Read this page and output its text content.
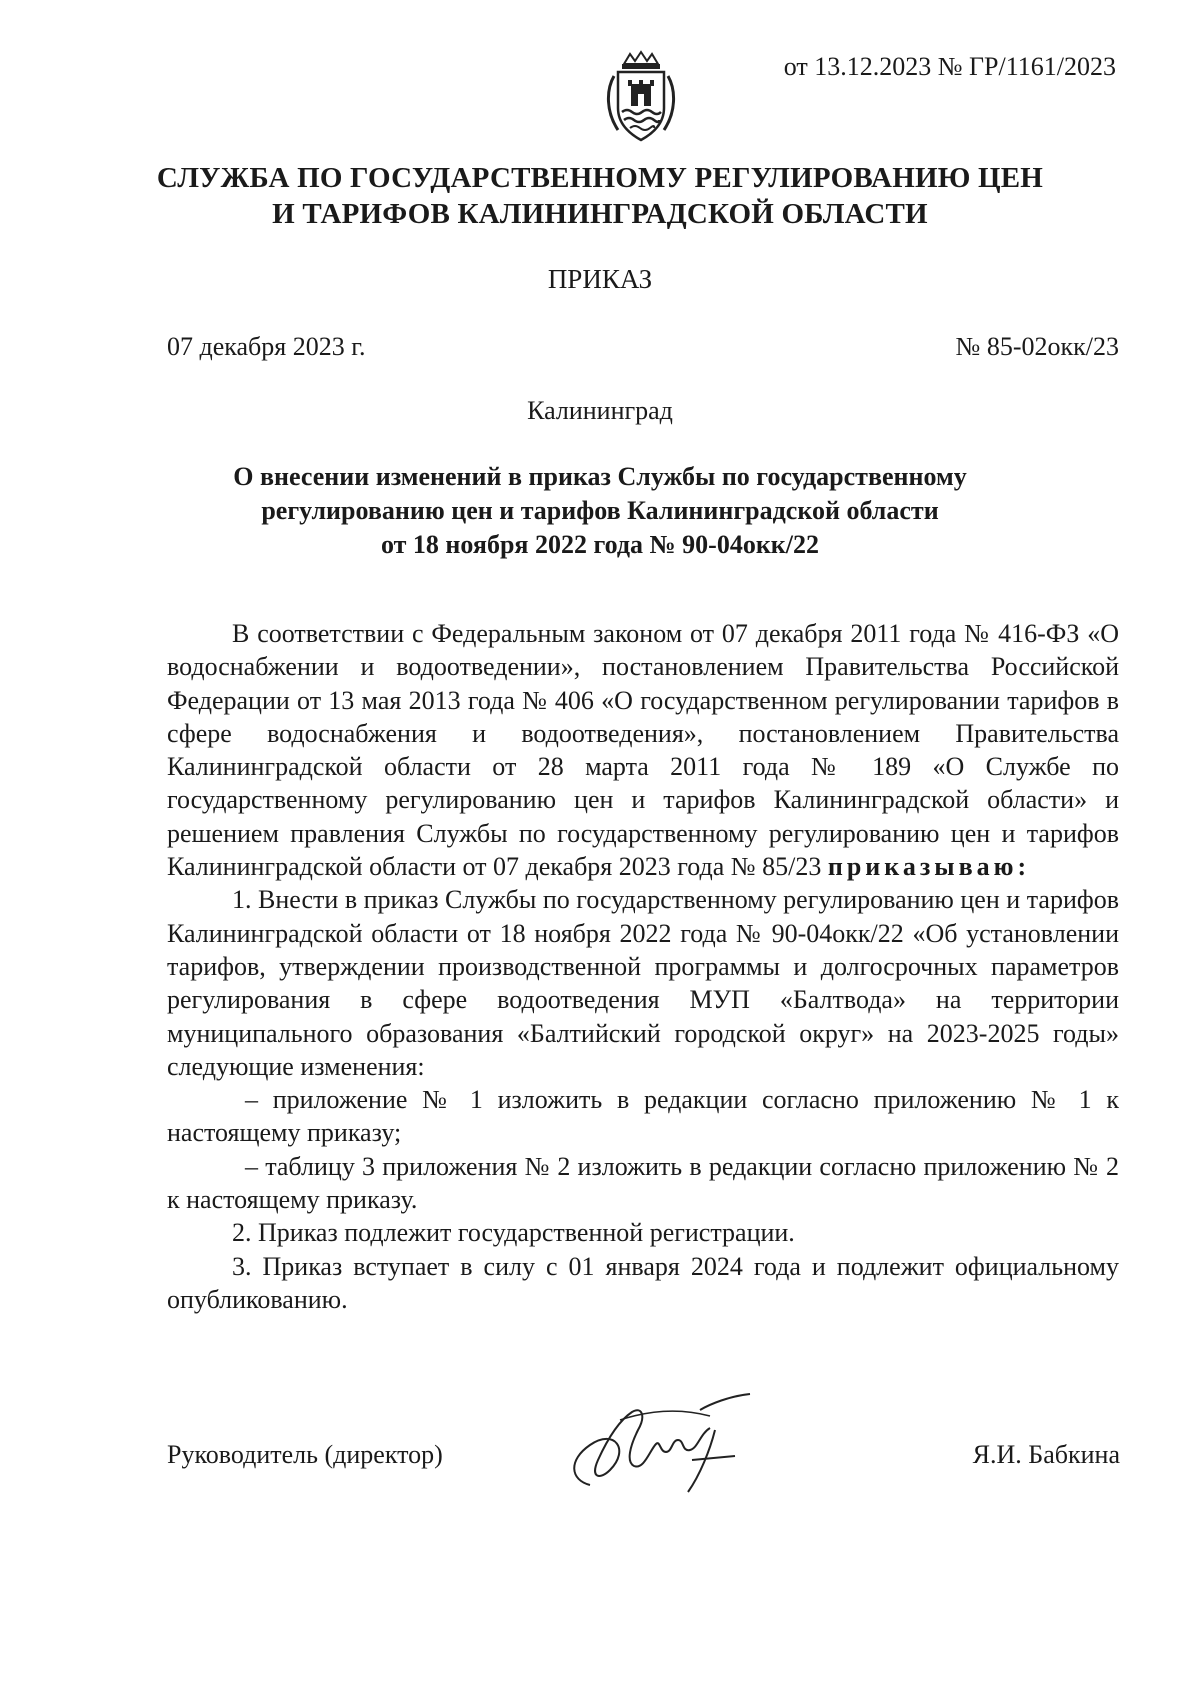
от 13.12.2023 № ГР/1161/2023
СЛУЖБА ПО ГОСУДАРСТВЕННОМУ РЕГУЛИРОВАНИЮ ЦЕН
И ТАРИФОВ КАЛИНИНГРАДСКОЙ ОБЛАСТИ
ПРИКАЗ
07 декабря 2023 г.	№ 85-02окк/23
Калининград
О внесении изменений в приказ Службы по государственному
регулированию цен и тарифов Калининградской области
от 18 ноября 2022 года № 90-04окк/22

В соответствии с Федеральным законом от 07 декабря 2011 года № 416-ФЗ «О водоснабжении и водоотведении», постановлением Правительства Российской Федерации от 13 мая 2013 года № 406 «О государственном регулировании тарифов в сфере водоснабжения и водоотведения», постановлением Правительства Калининградской области от 28 марта 2011 года № 189 «О Службе по государственному регулированию цен и тарифов Калининградской области» и решением правления Службы по государственному регулированию цен и тарифов Калининградской области от 07 декабря 2023 года № 85/23 приказываю:

1. Внести в приказ Службы по государственному регулированию цен и тарифов Калининградской области от 18 ноября 2022 года № 90-04окк/22 «Об установлении тарифов, утверждении производственной программы и долгосрочных параметров регулирования в сфере водоотведения МУП «Балтвода» на территории муниципального образования «Балтийский городской округ» на 2023-2025 годы» следующие изменения:

– приложение № 1 изложить в редакции согласно приложению № 1 к настоящему приказу;

– таблицу 3 приложения № 2 изложить в редакции согласно приложению № 2 к настоящему приказу.

2. Приказ подлежит государственной регистрации.

3. Приказ вступает в силу с 01 января 2024 года и подлежит официальному опубликованию.

Руководитель (директор)	Я.И. Бабкина
